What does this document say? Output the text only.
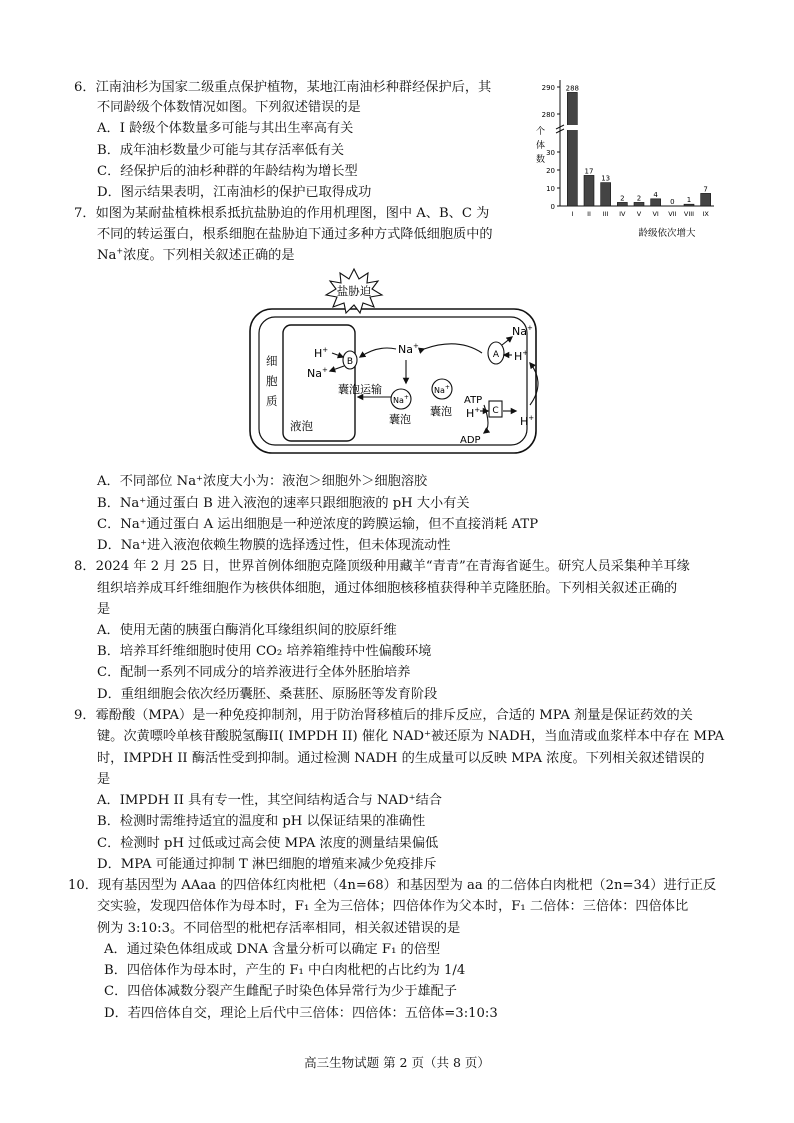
6．江南油杉为国家二级重点保护植物，某地江南油杉种群经保护后，其
不同龄级个体数情况如图。下列叙述错误的是
A．I 龄级个体数量多可能与其出生率高有关
B．成年油杉数量少可能与其存活率低有关
C．经保护后的油杉种群的年龄结构为增长型
D．图示结果表明，江南油杉的保护已取得成功
0
10
20
30
280
290
个
体
数
龄级依次增大
288
I
17
II
13
III
2
IV
2
V
4
VI
0
VII
1
VIII
7
IX
7．如图为某耐盐植株根系抵抗盐胁迫的作用机理图，图中 A、B、C 为
不同的转运蛋白，根系细胞在盐胁迫下通过多种方式降低细胞质中的
Na+浓度。下列相关叙述正确的是
盐胁迫
细胞质
液泡
B
H+
Na+
Na+
Na+
囊泡
Na+
囊泡
囊泡运输
A
Na+
H+
C
ATP
H+
ADP
H+
A．不同部位 Na⁺浓度大小为：液泡＞细胞外＞细胞溶胶
B．Na⁺通过蛋白 B 进入液泡的速率只跟细胞液的 pH 大小有关
C．Na⁺通过蛋白 A 运出细胞是一种逆浓度的跨膜运输，但不直接消耗 ATP
D．Na⁺进入液泡依赖生物膜的选择透过性，但未体现流动性
8．2024 年 2 月 25 日，世界首例体细胞克隆顶级种用藏羊“青青”在青海省诞生。研究人员采集种羊耳缘
组织培养成耳纤维细胞作为核供体细胞，通过体细胞核移植获得种羊克隆胚胎。下列相关叙述正确的
是
A．使用无菌的胰蛋白酶消化耳缘组织间的胶原纤维
B．培养耳纤维细胞时使用 CO₂ 培养箱维持中性偏酸环境
C．配制一系列不同成分的培养液进行全体外胚胎培养
D．重组细胞会依次经历囊胚、桑葚胚、原肠胚等发育阶段
9．霉酚酸（MPA）是一种免疫抑制剂，用于防治肾移植后的排斥反应，合适的 MPA 剂量是保证药效的关
键。次黄嘌呤单核苷酸脱氢酶II( IMPDH II) 催化 NAD⁺被还原为 NADH，当血清或血浆样本中存在 MPA
时，IMPDH II 酶活性受到抑制。通过检测 NADH 的生成量可以反映 MPA 浓度。下列相关叙述错误的
是
A．IMPDH II 具有专一性，其空间结构适合与 NAD⁺结合
B．检测时需维持适宜的温度和 pH 以保证结果的准确性
C．检测时 pH 过低或过高会使 MPA 浓度的测量结果偏低
D．MPA 可能通过抑制 T 淋巴细胞的增殖来减少免疫排斥
10．现有基因型为 AAaa 的四倍体红肉枇杷（4n=68）和基因型为 aa 的二倍体白肉枇杷（2n=34）进行正反
交实验，发现四倍体作为母本时，F₁ 全为三倍体；四倍体作为父本时，F₁ 二倍体：三倍体：四倍体比
例为 3:10:3。不同倍型的枇杷存活率相同，相关叙述错误的是
A．通过染色体组成或 DNA 含量分析可以确定 F₁ 的倍型
B．四倍体作为母本时，产生的 F₁ 中白肉枇杷的占比约为 1/4
C．四倍体减数分裂产生雌配子时染色体异常行为少于雄配子
D．若四倍体自交，理论上后代中三倍体：四倍体：五倍体=3:10:3
高三生物试题 第 2 页（共 8 页）
